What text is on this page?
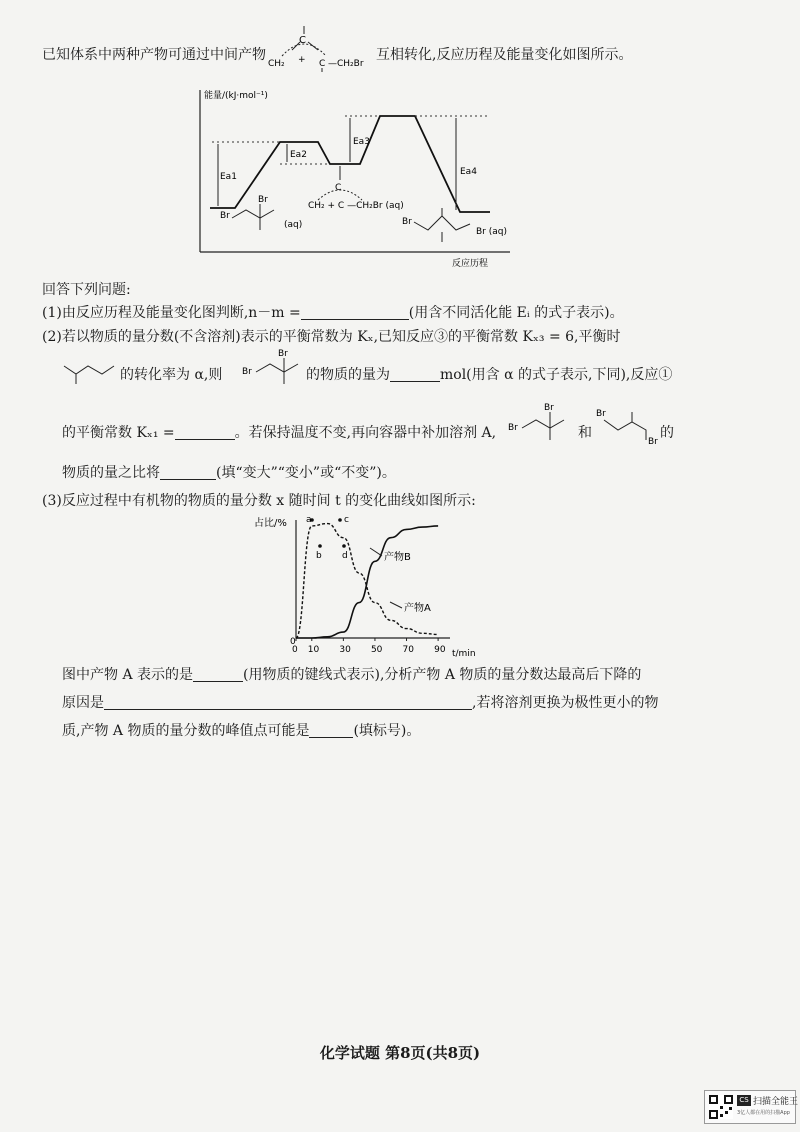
已知体系中两种产物可通过中间产物
C
CH₂ + C —CH₂Br
互相转化,反应历程及能量变化如图所示。
能量/(kJ·mol⁻¹)
反应历程
Ea1
Ea2
Ea3
Ea4
C
CH₂ + C —CH₂Br (aq)
Br
Br
(aq)	Br
Br (aq)
回答下列问题:
(1)由反应历程及能量变化图判断,n－m =	(用含不同活化能 Eᵢ 的式子表示)。
(2)若以物质的量分数(不含溶剂)表示的平衡常数为 Kₓ,已知反应③的平衡常数 Kₓ₃ = 6,平衡时
的转化率为 α,则 Br
Br
的物质的量为	mol(用含 α 的式子表示,下同),反应①
的平衡常数 Kₓ₁ =	。若保持温度不变,再向容器中补加溶剂 A, Br
Br
和
Br
Br
的
物质的量之比将	(填“变大”“变小”或“不变”)。
(3)反应过程中有机物的物质的量分数 x 随时间 t 的变化曲线如图所示:
占比/%
0
0 10 30 50 70 90 t/min
产物B
产物A
a
b
c
d
图中产物 A 表示的是	(用物质的键线式表示),分析产物 A 物质的量分数达最高后下降的
原因是	,若将溶剂更换为极性更小的物
质,产物 A 物质的量分数的峰值点可能是	(填标号)。
化学试题 第8页(共8页)
CS 扫描全能王
3亿人都在用的扫描App
